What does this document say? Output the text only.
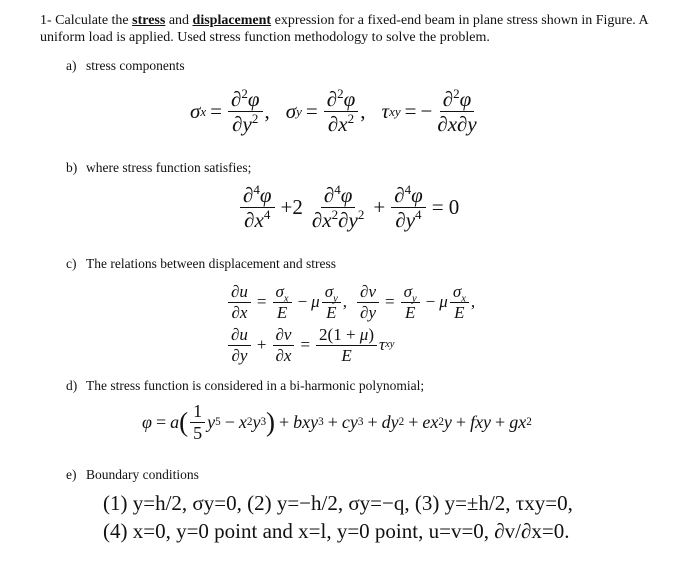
1- Calculate the stress and displacement expression for a fixed-end beam in plane stress shown in Figure. A uniform load is applied. Used stress function methodology to solve the problem.
a) stress components
σ $x = \frac{\partial^2\varphi}{\partial y^2}$ , σ $y = \frac{\partial^2\varphi}{\partial x^2}$ , τ xy = − $\frac{\partial^2\varphi}{\partial x\partial y}$
b) where stress function satisfies;
$\frac{\partial^4\varphi}{\partial x^4} +2 \frac{\partial^4\varphi}{\partial x^2\partial y^2} + \frac{\partial^4\varphi}{\partial y^4} = 0$
c) The relations between displacement and stress
$\frac{\partial u}{\partial x} = \frac{\sigma_x}{E} - \mu \frac{\sigma_y}{E}$ , $\frac{\partial v}{\partial y} = \frac{\sigma_y}{E} - \mu \frac{\sigma_x}{E}$ ,
$\frac{\partial u}{\partial y} + \frac{\partial v}{\partial x} = \frac{2(1 + \mu)}{E}$ τ xy
d) The stress function is considered in a bi-harmonic polynomial;
φ = a ( $\frac{1}{5}$ y 5 − x 2 y 3 ) + bxy 3 + cy 3 + dy 2 + ex 2 y + fxy + gx 2
e) Boundary conditions
(1) y=h/2, σy=0, (2) y=−h/2, σy=−q, (3) y=±h/2, τxy=0,
(4) x=0, y=0 point and x=l, y=0 point, u=v=0, ∂v/∂x=0.
